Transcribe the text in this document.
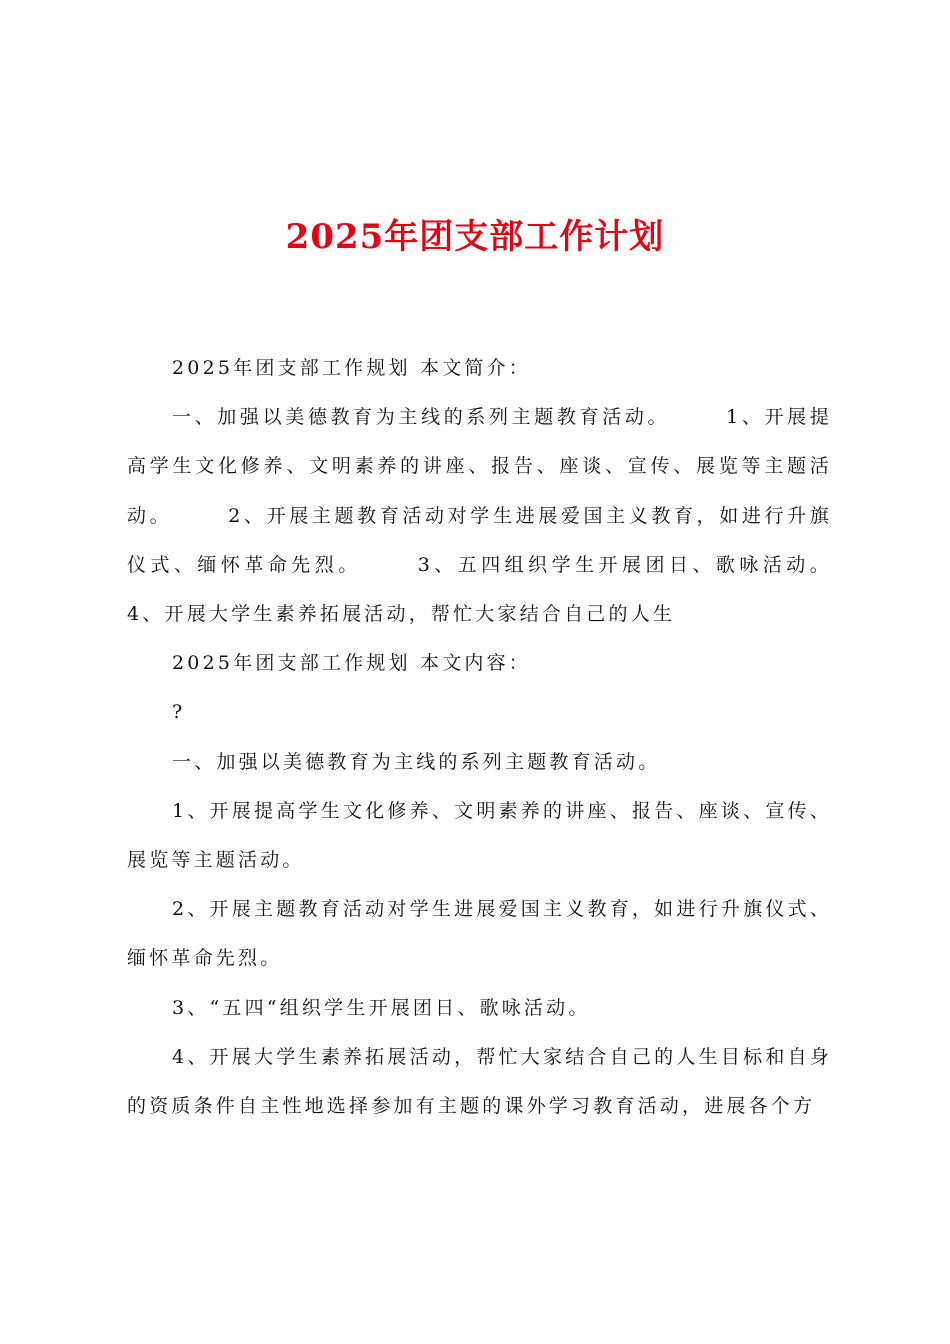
2025年团支部工作计划

2025年团支部工作规划 本文简介：

一、加强以美德教育为主线的系列主题教育活动。	1、开展提高学生文化修养、文明素养的讲座、报告、座谈、宣传、展览等主题活动。	2、开展主题教育活动对学生进展爱国主义教育，如进行升旗仪式、缅怀革命先烈。	3、五四组织学生开展团日、歌咏活动。4、开展大学生素养拓展活动，帮忙大家结合自己的人生

2025年团支部工作规划 本文内容：

?

一、加强以美德教育为主线的系列主题教育活动。

1、开展提高学生文化修养、文明素养的讲座、报告、座谈、宣传、展览等主题活动。

2、开展主题教育活动对学生进展爱国主义教育，如进行升旗仪式、缅怀革命先烈。

3、“五四“组织学生开展团日、歌咏活动。

4、开展大学生素养拓展活动，帮忙大家结合自己的人生目标和自身的资质条件自主性地选择参加有主题的课外学习教育活动，进展各个方
